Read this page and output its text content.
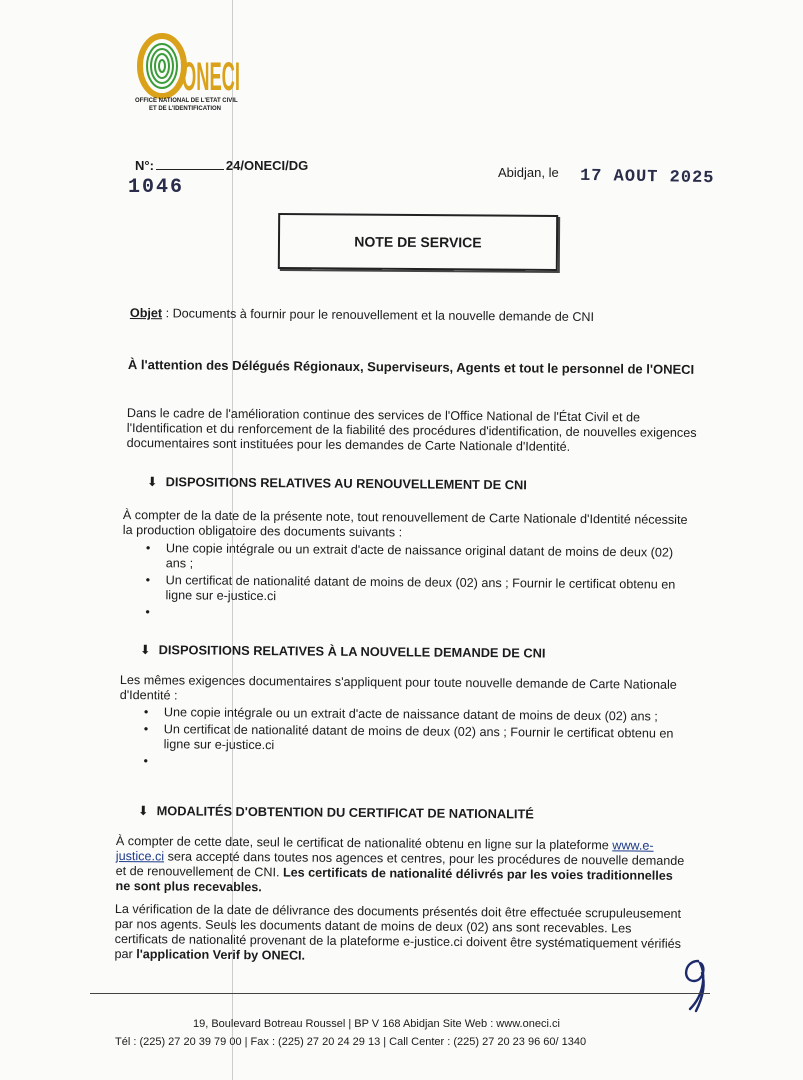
ONECI
OFFICE NATIONAL DE L'ETAT CIVIL
ET DE L'IDENTIFICATION
N°:	24/ONECI/DG
1046
Abidjan, le 17 AOUT 2025
NOTE DE SERVICE
Objet : Documents à fournir pour le renouvellement et la nouvelle demande de CNI
À l'attention des Délégués Régionaux, Superviseurs, Agents et tout le personnel de l'ONECI
Dans le cadre de l'amélioration continue des services de l'Office National de l'État Civil et de l'Identification et du renforcement de la fiabilité des procédures d'identification, de nouvelles exigences documentaires sont instituées pour les demandes de Carte Nationale d'Identité.
⬇ DISPOSITIONS RELATIVES AU RENOUVELLEMENT DE CNI
À compter de la date de la présente note, tout renouvellement de Carte Nationale d'Identité nécessite la production obligatoire des documents suivants :
• Une copie intégrale ou un extrait d'acte de naissance original datant de moins de deux (02) ans ;
• Un certificat de nationalité datant de moins de deux (02) ans ; Fournir le certificat obtenu en ligne sur e-justice.ci
•
⬇ DISPOSITIONS RELATIVES À LA NOUVELLE DEMANDE DE CNI
Les mêmes exigences documentaires s'appliquent pour toute nouvelle demande de Carte Nationale d'Identité :
• Une copie intégrale ou un extrait d'acte de naissance datant de moins de deux (02) ans ;
• Un certificat de nationalité datant de moins de deux (02) ans ; Fournir le certificat obtenu en ligne sur e-justice.ci
•
⬇ MODALITÉS D'OBTENTION DU CERTIFICAT DE NATIONALITÉ
À compter de cette date, seul le certificat de nationalité obtenu en ligne sur la plateforme www.e-justice.ci sera accepté dans toutes nos agences et centres, pour les procédures de nouvelle demande et de renouvellement de CNI. Les certificats de nationalité délivrés par les voies traditionnelles ne sont plus recevables.
La vérification de la date de délivrance des documents présentés doit être effectuée scrupuleusement par nos agents. Seuls les documents datant de moins de deux (02) ans sont recevables. Les certificats de nationalité provenant de la plateforme e-justice.ci doivent être systématiquement vérifiés par l'application Verif by ONECI.
19, Boulevard Botreau Roussel | BP V 168 Abidjan Site Web : www.oneci.ci
Tél : (225) 27 20 39 79 00 | Fax : (225) 27 20 24 29 13 | Call Center : (225) 27 20 23 96 60/ 1340
